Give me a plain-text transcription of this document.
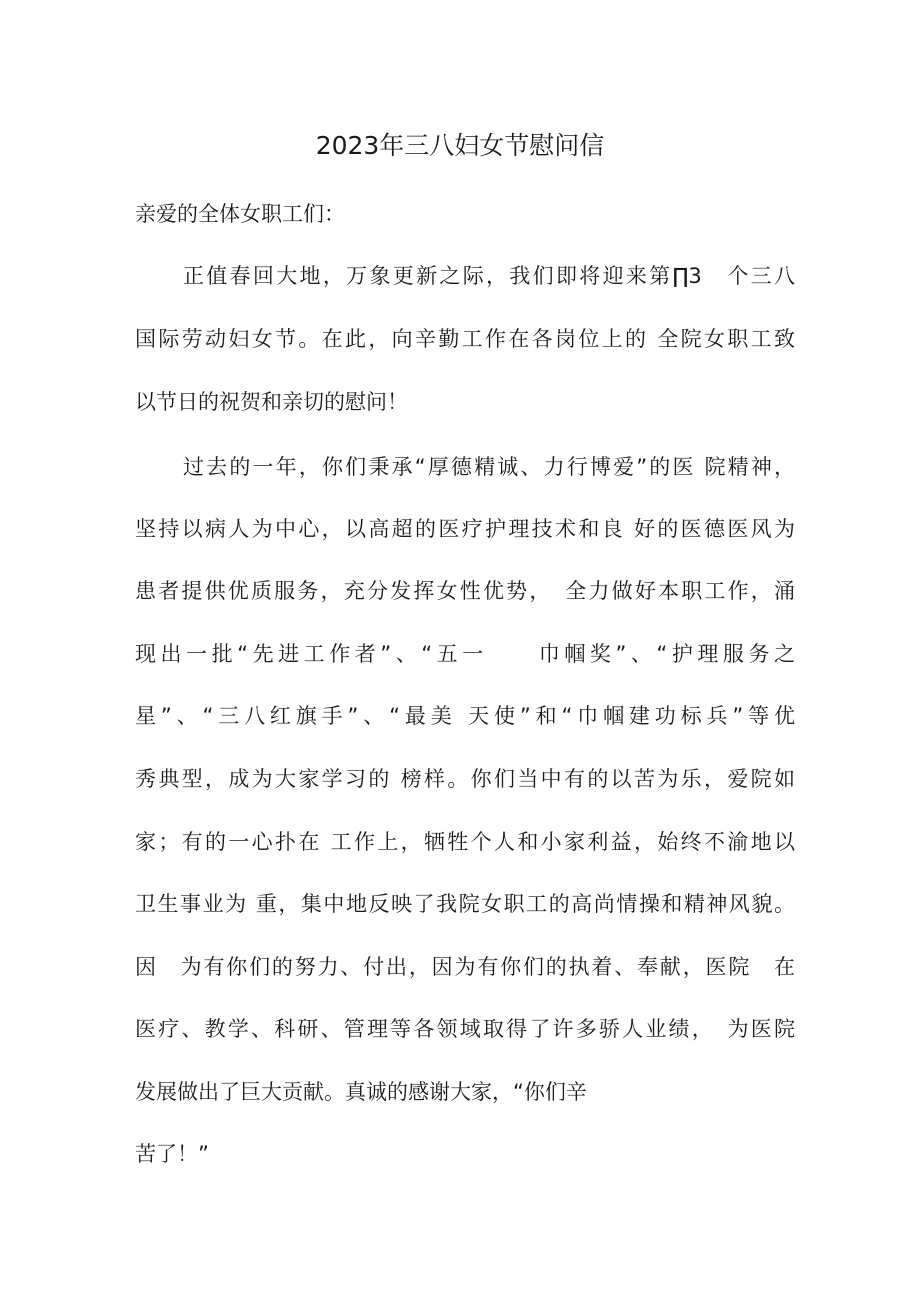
2023年三八妇女节慰问信
亲爱的全体女职工们：
正值春回大地，万象更新之际，我们即将迎来第∏3　个三八
国际劳动妇女节。在此，向辛勤工作在各岗位上的 全院女职工致
以节日的祝贺和亲切的慰问！
过去的一年，你们秉承“厚德精诚、力行博爱”的医 院精神，
坚持以病人为中心，以高超的医疗护理技术和良 好的医德医风为
患者提供优质服务，充分发挥女性优势，　全力做好本职工作，涌
现出一批“先进工作者”、“五一　　巾帼奖”、“护理服务之
星”、“三八红旗手”、“最美 天使”和“巾帼建功标兵”等优
秀典型，成为大家学习的 榜样。你们当中有的以苦为乐，爱院如
家；有的一心扑在 工作上，牺牲个人和小家利益，始终不渝地以
卫生事业为 重，集中地反映了我院女职工的高尚情操和精神风貌。
因　为有你们的努力、付出，因为有你们的执着、奉献，医院　在
医疗、教学、科研、管理等各领域取得了许多骄人业绩，　为医院
发展做出了巨大贡献。真诚的感谢大家，“你们辛
苦了！”
